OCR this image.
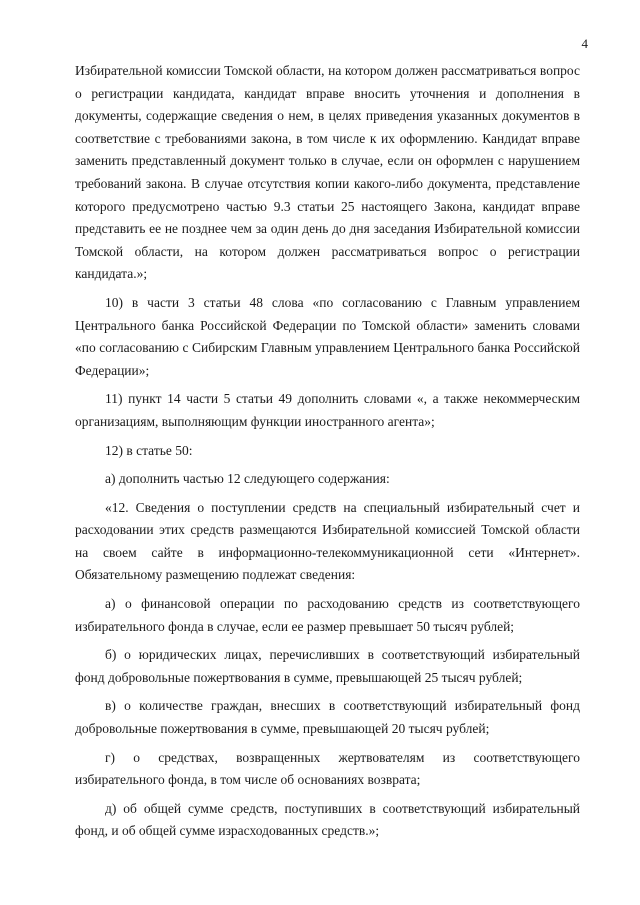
4

Избирательной комиссии Томской области, на котором должен рассматриваться вопрос о регистрации кандидата, кандидат вправе вносить уточнения и дополнения в документы, содержащие сведения о нем, в целях приведения указанных документов в соответствие с требованиями закона, в том числе к их оформлению. Кандидат вправе заменить представленный документ только в случае, если он оформлен с нарушением требований закона. В случае отсутствия копии какого-либо документа, представление которого предусмотрено частью 9.3 статьи 25 настоящего Закона, кандидат вправе представить ее не позднее чем за один день до дня заседания Избирательной комиссии Томской области, на котором должен рассматриваться вопрос о регистрации кандидата.»;

10) в части 3 статьи 48 слова «по согласованию с Главным управлением Центрального банка Российской Федерации по Томской области» заменить словами «по согласованию с Сибирским Главным управлением Центрального банка Российской Федерации»;

11) пункт 14 части 5 статьи 49 дополнить словами «, а также некоммерческим организациям, выполняющим функции иностранного агента»;

12) в статье 50:

а) дополнить частью 12 следующего содержания:

«12. Сведения о поступлении средств на специальный избирательный счет и расходовании этих средств размещаются Избирательной комиссией Томской области на своем сайте в информационно-телекоммуникационной сети «Интернет». Обязательному размещению подлежат сведения:

а) о финансовой операции по расходованию средств из соответствующего избирательного фонда в случае, если ее размер превышает 50 тысяч рублей;

б) о юридических лицах, перечисливших в соответствующий избирательный фонд добровольные пожертвования в сумме, превышающей 25 тысяч рублей;

в) о количестве граждан, внесших в соответствующий избирательный фонд добровольные пожертвования в сумме, превышающей 20 тысяч рублей;

г) о средствах, возвращенных жертвователям из соответствующего избирательного фонда, в том числе об основаниях возврата;

д) об общей сумме средств, поступивших в соответствующий избирательный фонд, и об общей сумме израсходованных средств.»;
